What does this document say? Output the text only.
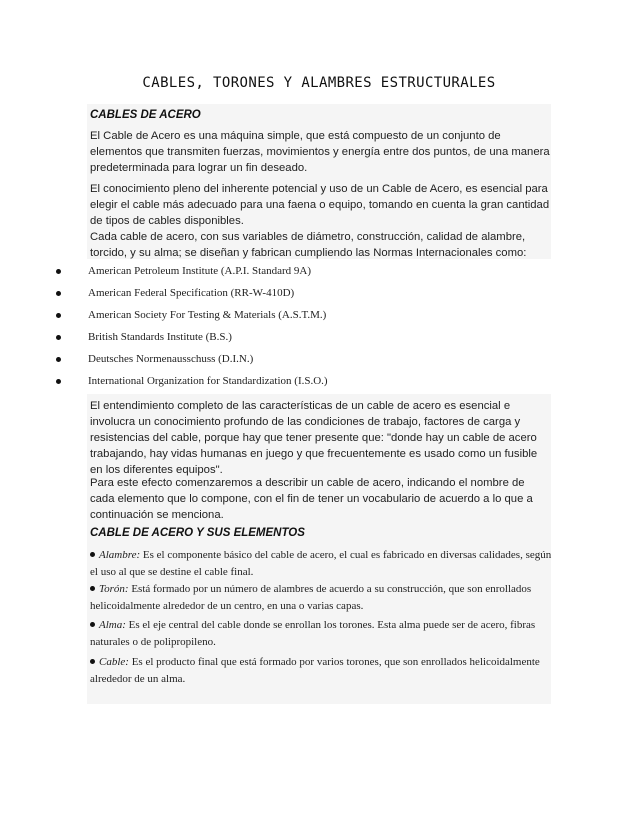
CABLES, TORONES Y ALAMBRES ESTRUCTURALES
CABLES DE ACERO

El Cable de Acero es una máquina simple, que está compuesto de un conjunto de elementos que transmiten fuerzas, movimientos y energía entre dos puntos, de una manera predeterminada para lograr un fin deseado.

El conocimiento pleno del inherente potencial y uso de un Cable de Acero, es esencial para elegir el cable más adecuado para una faena o equipo, tomando en cuenta la gran cantidad de tipos de cables disponibles.

Cada cable de acero, con sus variables de diámetro, construcción, calidad de alambre, torcido, y su alma; se diseñan y fabrican cumpliendo las Normas Internacionales como:

American Petroleum Institute (A.P.I. Standard 9A)
American Federal Specification (RR-W-410D)
American Society For Testing & Materials (A.S.T.M.)
British Standards Institute (B.S.)
Deutsches Normenausschuss (D.I.N.)
International Organization for Standardization (I.S.O.)

El entendimiento completo de las características de un cable de acero es esencial e involucra un conocimiento profundo de las condiciones de trabajo, factores de carga y resistencias del cable, porque hay que tener presente que: "donde hay un cable de acero trabajando, hay vidas humanas en juego y que frecuentemente es usado como un fusible en los diferentes equipos".

Para este efecto comenzaremos a describir un cable de acero, indicando el nombre de cada elemento que lo compone, con el fin de tener un vocabulario de acuerdo a lo que a continuación se menciona.

CABLE DE ACERO Y SUS ELEMENTOS

Alambre: Es el componente básico del cable de acero, el cual es fabricado en diversas calidades, según el uso al que se destine el cable final.

Torón: Está formado por un número de alambres de acuerdo a su construcción, que son enrollados helicoidalmente alrededor de un centro, en una o varias capas.

Alma: Es el eje central del cable donde se enrollan los torones. Esta alma puede ser de acero, fibras naturales o de polipropileno.

Cable: Es el producto final que está formado por varios torones, que son enrollados helicoidalmente alrededor de un alma.
